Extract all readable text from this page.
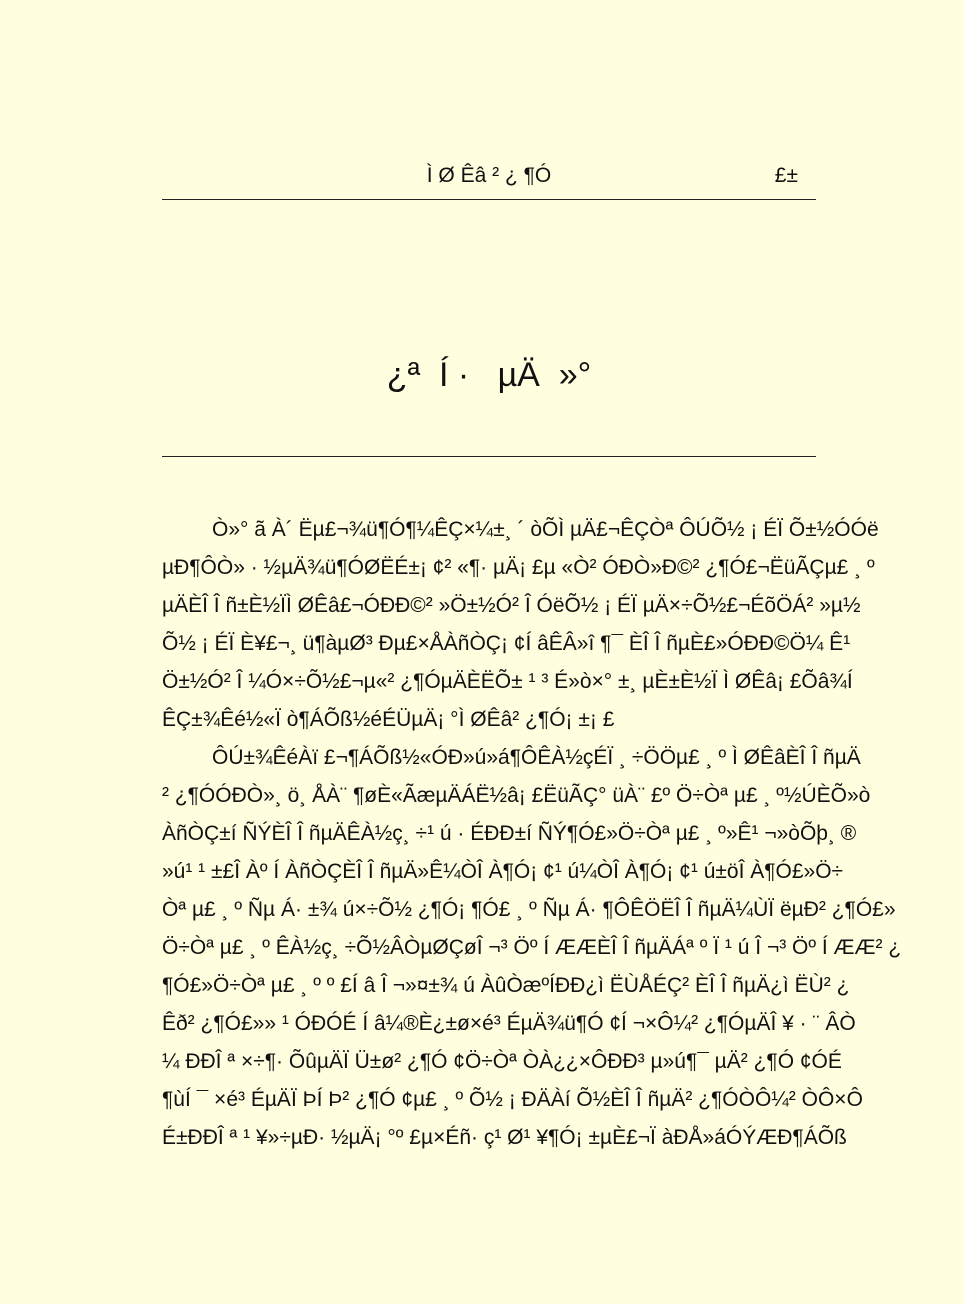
Ì Ø Êâ ² ¿ ¶Ó	£±
¿ª  Í ·   µÄ  »°
Ò»° ã À´ Ëµ£¬¾ü¶Ó¶¼ÊÇ×¼±¸ ´ òÕÌ µÄ£¬ÊÇÒª ÔÚÕ½ ¡ ÉÏ Õ±½ÓÓë
µÐ¶ÔÒ» · ½µÄ¾ü¶ÓØËÉ±¡ ¢² «¶· µÄ¡ £µ «Ò² ÓÐÒ»Ð©² ¿¶Ó£¬ËüÃÇµ£ ¸ º
µÄÈÎ Î ñ±È½ÏÌ ØÊâ£¬ÓÐÐ©² »Ö±½Ó² Î ÓëÕ½ ¡ ÉÏ µÄ×÷Õ½£¬ÉõÖÁ² »µ½
Õ½ ¡ ÉÏ È¥£¬¸ ü¶àµØ³ Ðµ£×ÅÀñÒÇ¡ ¢Í âÊÂ»î ¶¯ ÈÎ Î ñµÈ£»ÓÐÐ©Ö¼ Ê¹
Ö±½Ó² Î ¼Ó×÷Õ½£¬µ«² ¿¶ÓµÄÈËÕ± ¹ ³ É»ò×° ±¸ µÈ±È½Ï Ì ØÊâ¡ £Õâ¾Í
ÊÇ±¾Êé½«Ï ò¶ÁÕß½éÉÜµÄ¡ °Ì ØÊâ² ¿¶Ó¡ ±¡ £
ÔÚ±¾ÊéÀï £¬¶ÁÕß½«ÓÐ»ú»á¶ÔÊÀ½çÉÏ ¸ ÷ÖÖµ£ ¸ º Ì ØÊâÈÎ Î ñµÄ
² ¿¶ÓÓÐÒ»¸ ö¸ ÅÀ¨ ¶øÈ«ÃæµÄÁË½â¡ £ËüÃÇ° üÀ¨ £º Ö÷Òª µ£ ¸ º½ÚÈÕ»ò
ÀñÒÇ±í ÑÝÈÎ Î ñµÄÊÀ½ç¸ ÷¹ ú · ÉÐÐ±í ÑÝ¶Ó£»Ö÷Òª µ£ ¸ º»Ê¹ ¬»òÕþ¸ ®
»ú¹ ¹ ±£Î Àº Í ÀñÒÇÈÎ Î ñµÄ»Ê¼ÒÎ À¶Ó¡ ¢¹ ú¼ÒÎ À¶Ó¡ ¢¹ ú±öÎ À¶Ó£»Ö÷
Òª µ£ ¸ º Ñµ Á· ±¾ ú×÷Õ½ ¿¶Ó¡ ¶Ó£ ¸ º Ñµ Á· ¶ÔÊÖËÎ Î ñµÄ¼ÙÏ ëµÐ² ¿¶Ó£»
Ö÷Òª µ£ ¸ º ÊÀ½ç¸ ÷Õ½ÂÒµØÇøÎ ¬³ Öº Í ÆÆÈÎ Î ñµÄÁª º Ï ¹ ú Î ¬³ Öº Í ÆÆ² ¿
¶Ó£»Ö÷Òª µ£ ¸ º º £Í â Î ¬»¤±¾ ú ÀûÒæºÍÐÐ¿ì ËÙÅÉÇ² ÈÎ Î ñµÄ¿ì ËÙ² ¿
Êð² ¿¶Ó£»» ¹ ÓÐÓÉ Í â¼®È¿±ø×é³ ÉµÄ¾ü¶Ó ¢Í ¬×Ô¼² ¿¶ÓµÄÎ ¥ · ¨ ÂÒ
¼ ÐÐÎ ª ×÷¶· ÕûµÄÏ Ü±ø² ¿¶Ó ¢Ö÷Òª ÒÀ¿¿×ÔÐÐ³ µ»ú¶¯ µÄ² ¿¶Ó ¢ÓÉ
¶ùÍ ¯ ×é³ ÉµÄÏ ÞÍ Þ² ¿¶Ó ¢µ£ ¸ º Õ½ ¡ ÐÄÀí Õ½ÈÎ Î ñµÄ² ¿¶ÓÒÔ¼² ÒÔ×Ô
É±ÐÐÎ ª ¹ ¥»÷µÐ· ½µÄ¡ °º £µ×Éñ· ç¹ Ø¹ ¥¶Ó¡ ±µÈ£¬Ï àÐÅ»áÓÝÆÐ¶ÁÕß
